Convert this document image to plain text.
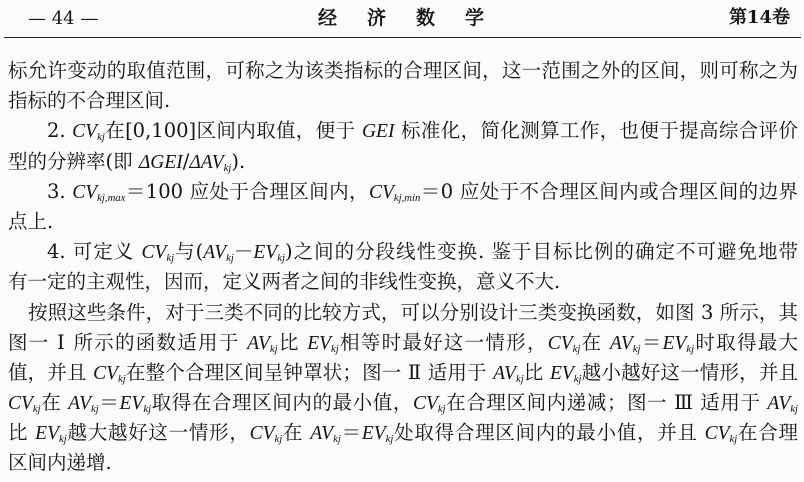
— 44 —	经济数学	第14卷
标允许变动的取值范围，可称之为该类指标的合理区间，这一范围之外的区间，则可称之为
指标的不合理区间.
2. $CV_{kj}$在[0,100]区间内取值，便于 GEI 标准化，简化测算工作，也便于提高综合评价
型的分辨率(即 ΔGEI/$\Delta AV_{kj}$).
3. $CV_{kj,max}=100$ 应处于合理区间内，$CV_{kj,min}=0$ 应处于不合理区间内或合理区间的边界
点上.
4. 可定义 $CV_{kj}$与$(AV_{kj}-EV_{kj})$之间的分段线性变换. 鉴于目标比例的确定不可避免地带
有一定的主观性，因而，定义两者之间的非线性变换，意义不大.
按照这些条件，对于三类不同的比较方式，可以分别设计三类变换函数，如图 3 所示，其
图一 Ⅰ 所示的函数适用于 $AV_{kj}$比 $EV_{kj}$相等时最好这一情形，$CV_{kj}$在 $AV_{kj}=EV_{kj}$时取得最大
值，并且 $CV_{kj}$在整个合理区间呈钟罩状；图一 Ⅱ 适用于 $AV_{kj}$比 $EV_{kj}$越小越好这一情形，并且
$CV_{kj}$在 $AV_{kj}=EV_{kj}$取得在合理区间内的最小值，$CV_{kj}$在合理区间内递减；图一 Ⅲ 适用于 $AV_{kj}$
比 $EV_{kj}$越大越好这一情形，$CV_{kj}$在 $AV_{kj}=EV_{kj}$处取得合理区间内的最小值，并且 $CV_{kj}$在合理
区间内递增.
